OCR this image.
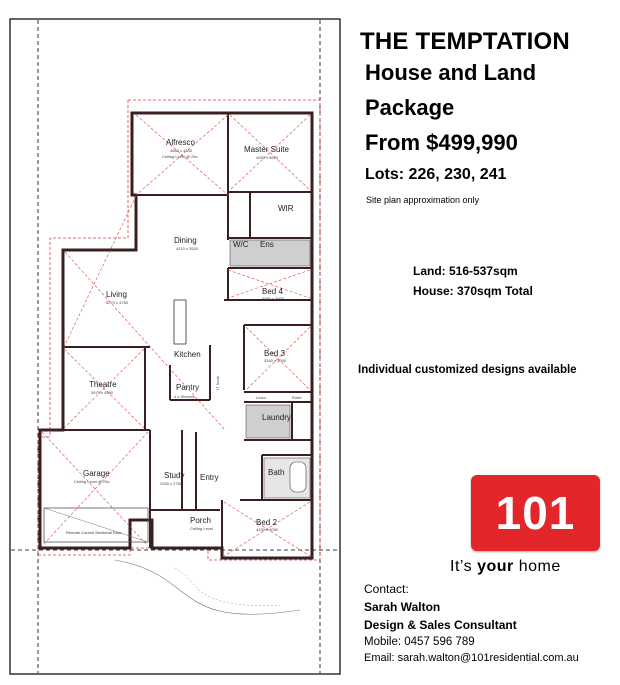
Alfresco
4660 x 4300
Ceiling Level @ 25c
Master Suite
4050 x 5610
WIR
Ens
W/C
Dining
4210 x 3520
Living
5270 x 4750
Kitchen
Pantry
4 x Shelves
IT Nook
Bed 4
4050 x 3000
Bed 3
3340 x 3000
Theatre
3970 x 4350
Linen	Robe
Laundry
Garage
Ceiling Level @ 25c
Study
2250 x 2750
Entry
Bath
Porch
Ceiling Level
Bed 2
4330 x 3000
Remote Control Sectional Door
THE TEMPTATION
House and Land
Package
From $499,990
Lots: 226, 230, 241
Site plan approximation only
Land: 516-537sqm
House: 370sqm Total
Individual customized designs available
101
It’s your home
Contact:
Sarah Walton
Design & Sales Consultant
Mobile: 0457 596 789
Email: sarah.walton@101residential.com.au
